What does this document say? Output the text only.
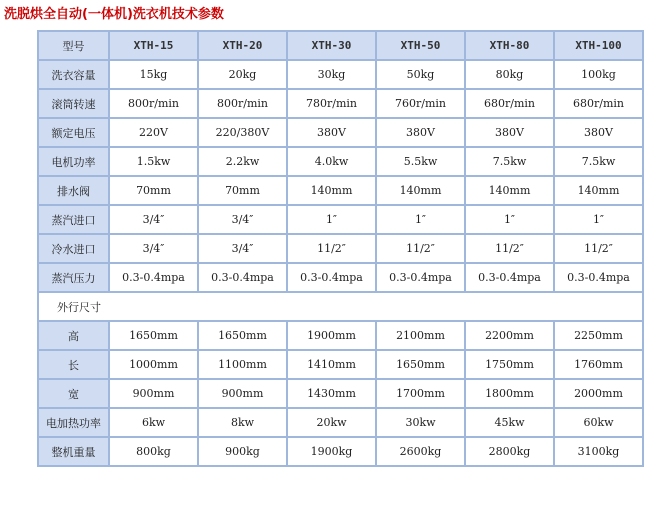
洗脱烘全自动(一体机)洗衣机技术参数
型号	XTH-15	XTH-20	XTH-30	XTH-50	XTH-80	XTH-100
洗衣容量	15kg	20kg	30kg	50kg	80kg	100kg
滚筒转速	800r/min	800r/min	780r/min	760r/min	680r/min	680r/min
额定电压	220V	220/380V	380V	380V	380V	380V
电机功率	1.5kw	2.2kw	4.0kw	5.5kw	7.5kw	7.5kw
排水阀	70mm	70mm	140mm	140mm	140mm	140mm
蒸汽进口	3/4″	3/4″	1″	1″	1″	1″
冷水进口	3/4″	3/4″	11/2″	11/2″	11/2″	11/2″
蒸汽压力	0.3-0.4mpa	0.3-0.4mpa	0.3-0.4mpa	0.3-0.4mpa	0.3-0.4mpa	0.3-0.4mpa
外行尺寸						
高	1650mm	1650mm	1900mm	2100mm	2200mm	2250mm
长	1000mm	1100mm	1410mm	1650mm	1750mm	1760mm
宽	900mm	900mm	1430mm	1700mm	1800mm	2000mm
电加热功率	6kw	8kw	20kw	30kw	45kw	60kw
整机重量	800kg	900kg	1900kg	2600kg	2800kg	3100kg
